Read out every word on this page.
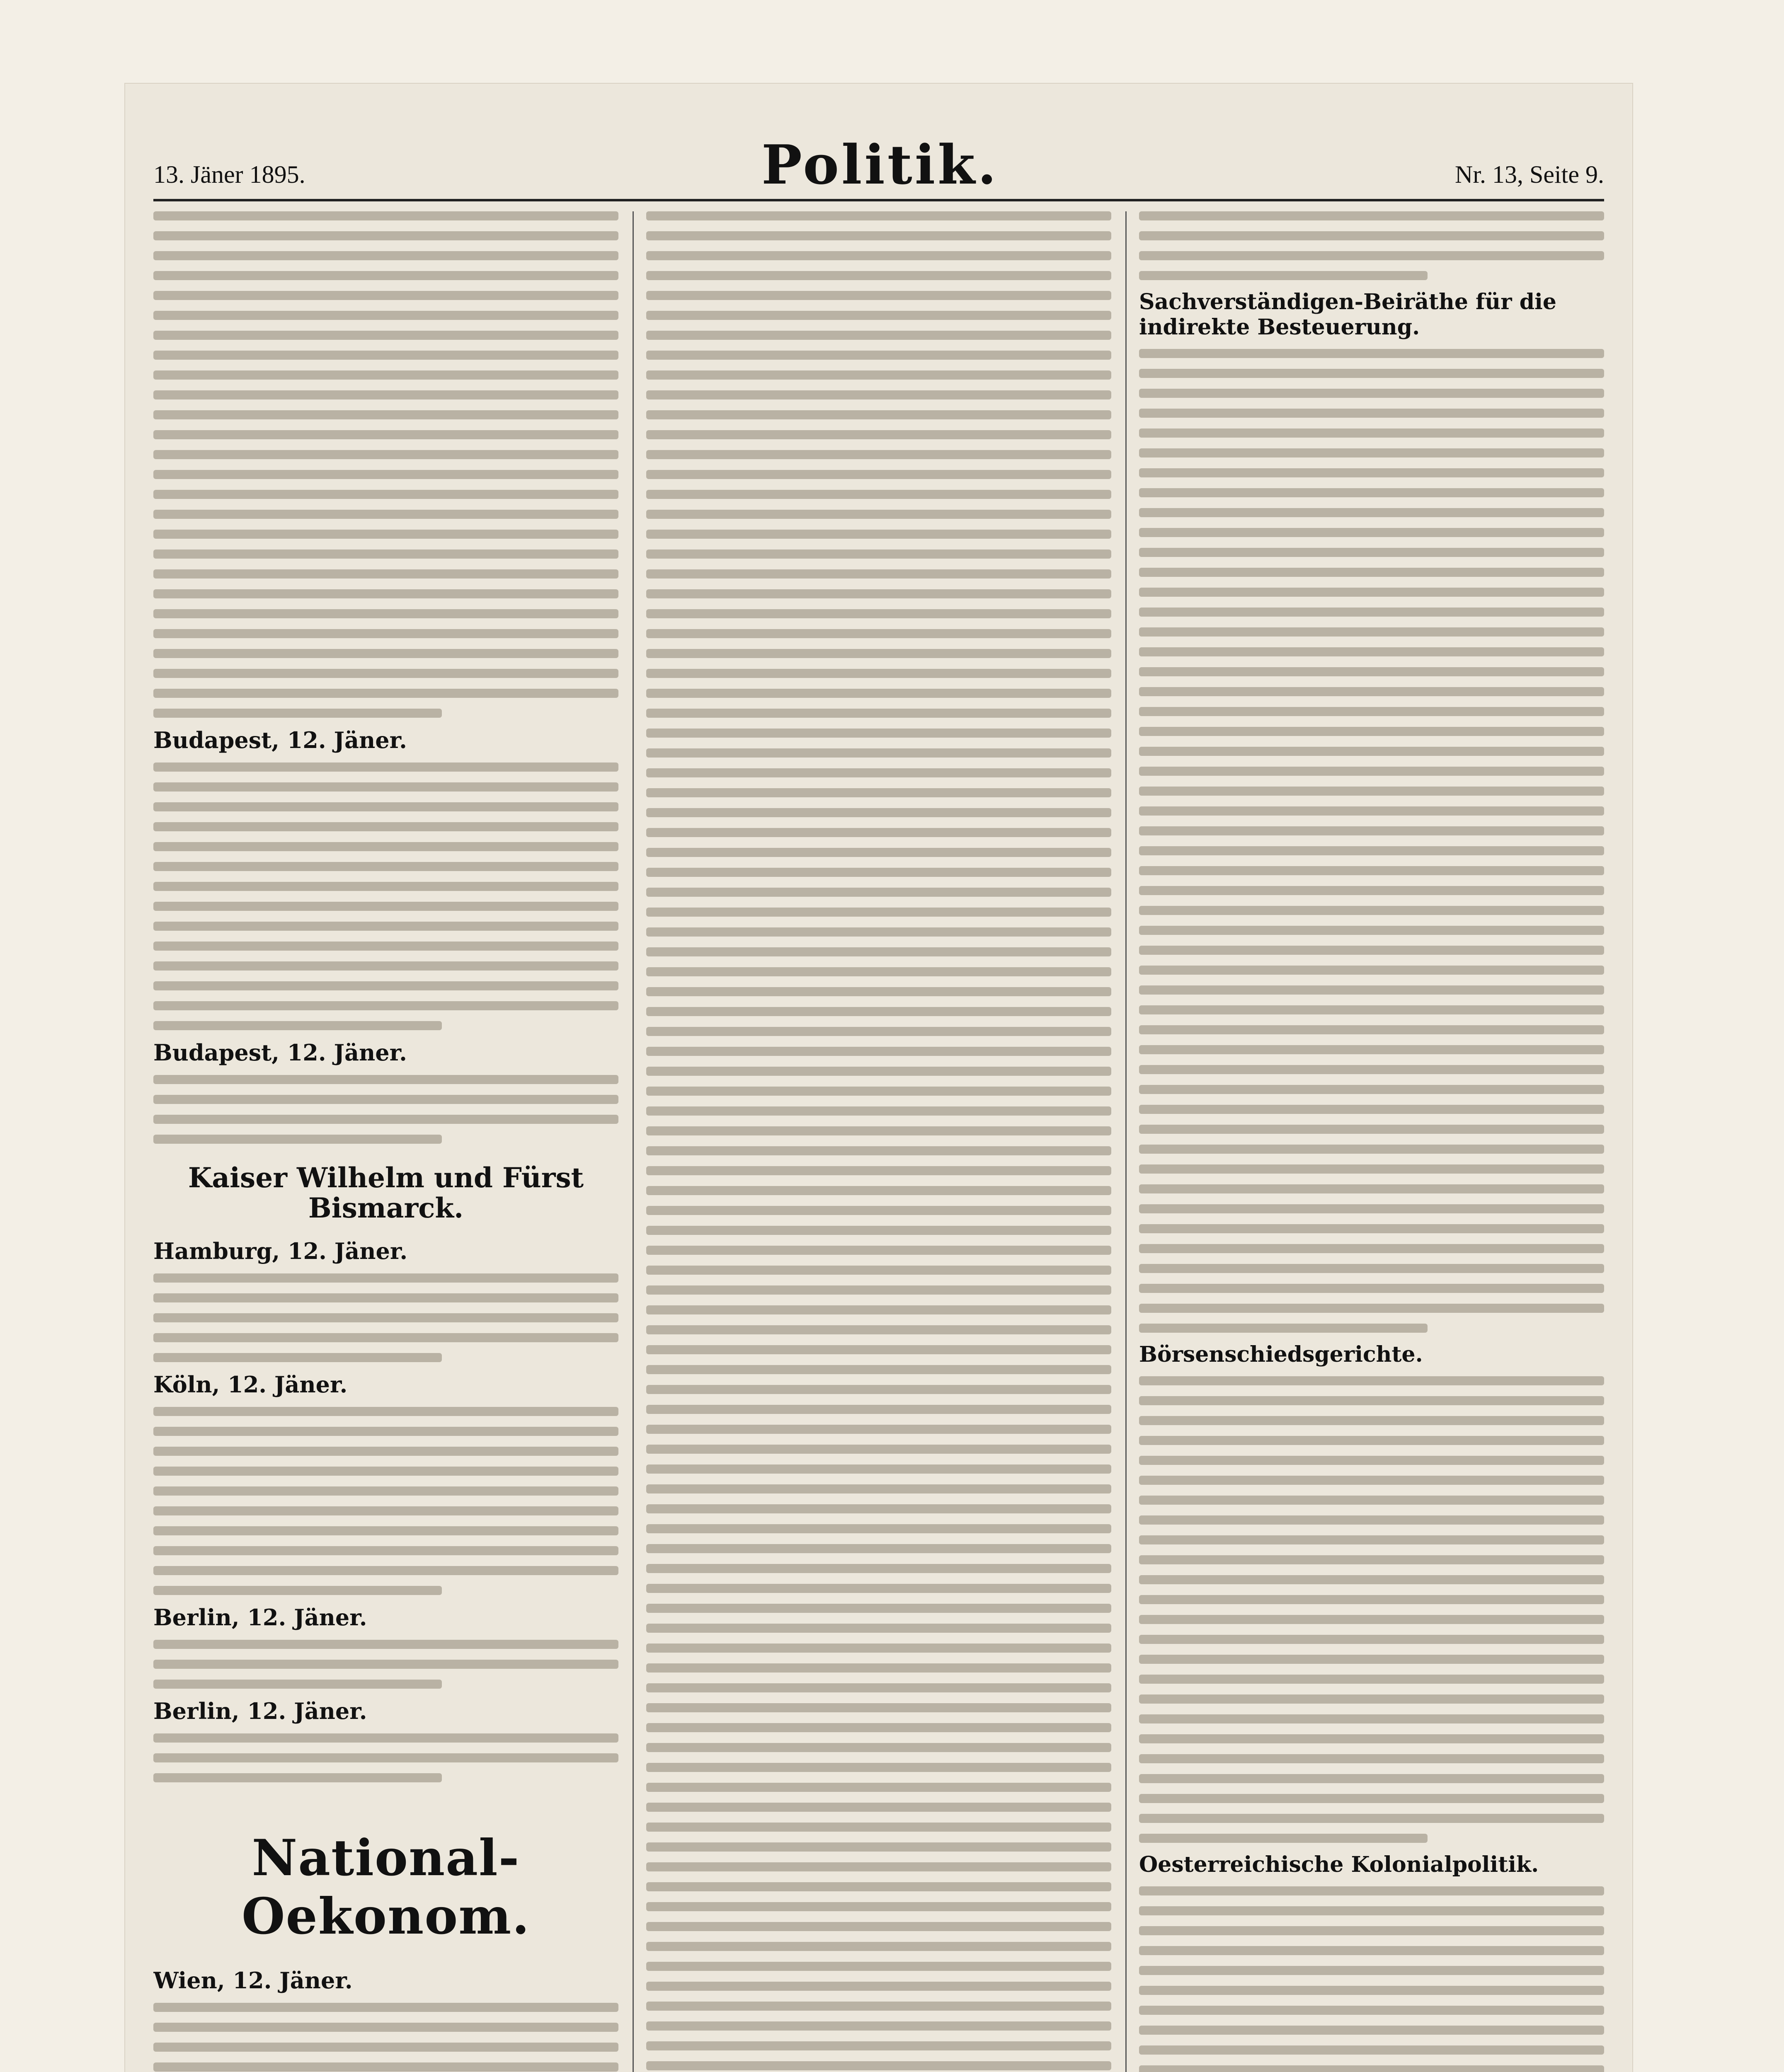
13. Jäner 1895.	Politik.	Nr. 13, Seite 9.
Budapest, 12. Jäner.
Budapest, 12. Jäner.
Kaiser Wilhelm und Fürst Bismarck.
Hamburg, 12. Jäner.
Köln, 12. Jäner.
Berlin, 12. Jäner.
Berlin, 12. Jäner.
National-Oekonom.
Wien, 12. Jäner.
Sachverständigen-Beiräthe für die indirekte Besteuerung.
Börsenschiedsgerichte.
Oesterreichische Kolonialpolitik.
